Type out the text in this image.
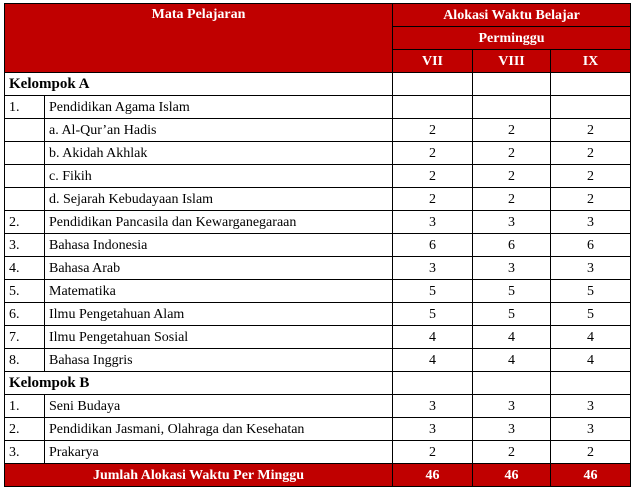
Mata Pelajaran		Alokasi Waktu Belajar		
		Perminggu		
		VII	VIII	IX
Kelompok A				
1.	Pendidikan Agama Islam			
	a. Al-Qur’an Hadis	2	2	2
	b. Akidah Akhlak	2	2	2
	c. Fikih	2	2	2
	d. Sejarah Kebudayaan Islam	2	2	2
2.	Pendidikan Pancasila dan Kewarganegaraan	3	3	3
3.	Bahasa Indonesia	6	6	6
4.	Bahasa Arab	3	3	3
5.	Matematika	5	5	5
6.	Ilmu Pengetahuan Alam	5	5	5
7.	Ilmu Pengetahuan Sosial	4	4	4
8.	Bahasa Inggris	4	4	4
Kelompok B				
1.	Seni Budaya	3	3	3
2.	Pendidikan Jasmani, Olahraga dan Kesehatan	3	3	3
3.	Prakarya	2	2	2
Jumlah Alokasi Waktu Per Minggu		46	46	46
